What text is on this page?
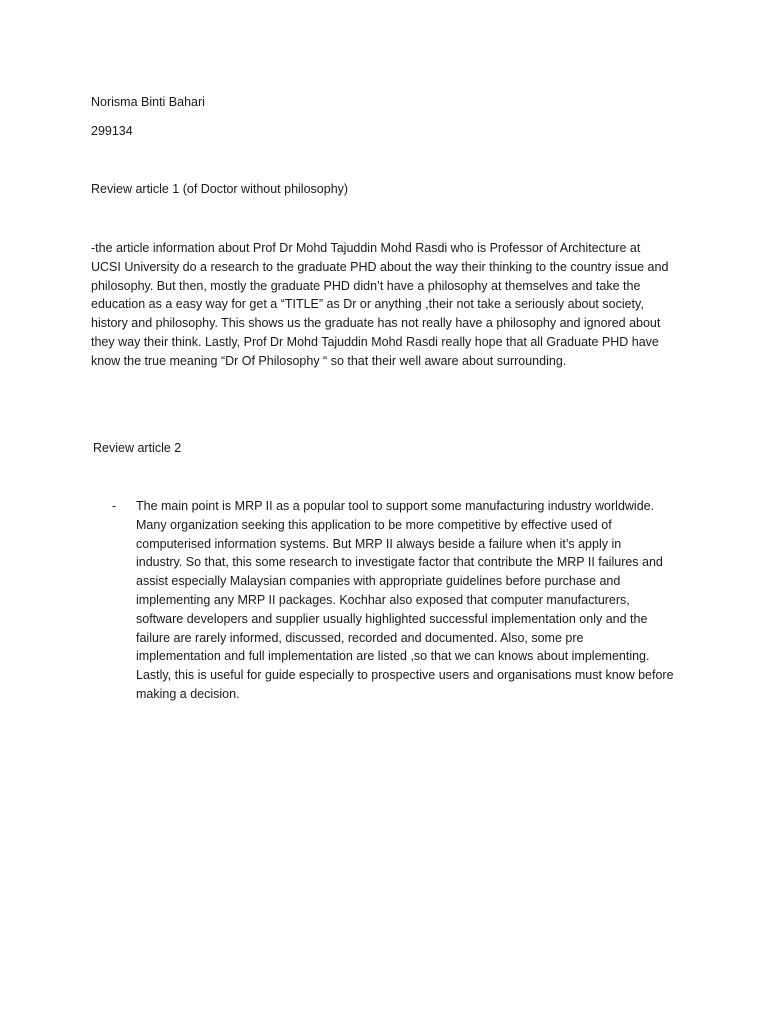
Norisma Binti Bahari
299134
Review article 1 (of Doctor without philosophy)
-the article information about Prof Dr Mohd Tajuddin Mohd Rasdi who is Professor of Architecture at
UCSI University do a research to the graduate PHD about the way their thinking to the country issue and
philosophy. But then, mostly the graduate PHD didn’t have a philosophy at themselves and take the
education as a easy way for get a “TITLE” as Dr or anything ,their not take a seriously about society,
history and philosophy. This shows us the graduate has not really have a philosophy and ignored about
they way their think. Lastly, Prof Dr Mohd Tajuddin Mohd Rasdi really hope that all Graduate PHD have
know the true meaning “Dr Of Philosophy “ so that their well aware about surrounding.
Review article 2
- The main point is MRP II as a popular tool to support some manufacturing industry worldwide.
Many organization seeking this application to be more competitive by effective used of
computerised information systems. But MRP II always beside a failure when it’s apply in
industry. So that, this some research to investigate factor that contribute the MRP II failures and
assist especially Malaysian companies with appropriate guidelines before purchase and
implementing any MRP II packages. Kochhar also exposed that computer manufacturers,
software developers and supplier usually highlighted successful implementation only and the
failure are rarely informed, discussed, recorded and documented. Also, some pre
implementation and full implementation are listed ,so that we can knows about implementing.
Lastly, this is useful for guide especially to prospective users and organisations must know before
making a decision.
